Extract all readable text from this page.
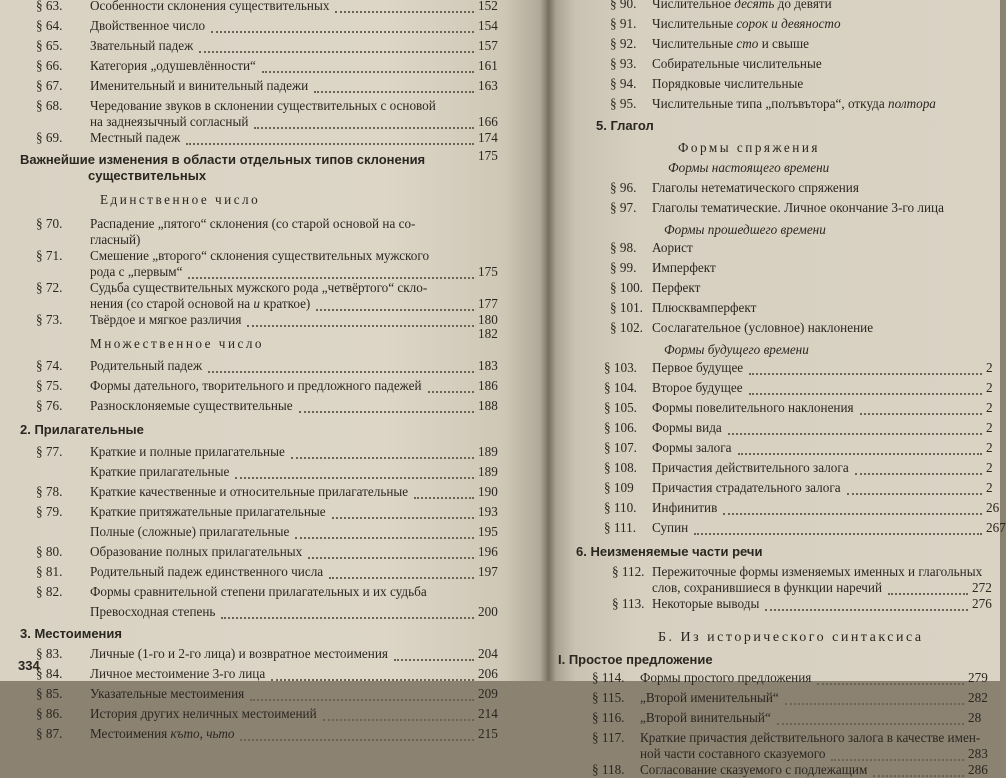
§ 63. Особенности склонения существительных	152
§ 64. Двойственное число	154
§ 65. Звательный падеж	157
§ 66. Категория „одушевлённости“	161
§ 67. Именительный и винительный падежи	163
§ 68. Чередование звуков в склонении существительных с основой
на заднеязычный согласный	166
§ 69. Местный падеж	174
Важнейшие изменения в области отдельных типов склонения	175
существительных
Единственное число
§ 70. Распадение „пятого“ склонения (со старой основой на со-
гласный)
§ 71. Смешение „второго“ склонения существительных мужского
рода с „первым“	175
§ 72. Судьба существительных мужского рода „четвёртого“ скло-
нения (со старой основой на u краткое)	177
§ 73. Твёрдое и мягкое различия	180
182
Множественное число
§ 74. Родительный падеж	183
§ 75. Формы дательного, творительного и предложного падежей	186
§ 76. Разносклоняемые существительные	188
2. Прилагательные
§ 77. Краткие и полные прилагательные	189
Краткие прилагательные	189
§ 78. Краткие качественные и относительные прилагательные	190
§ 79. Краткие притяжательные прилагательные	193
Полные (сложные) прилагательные	195
§ 80. Образование полных прилагательных	196
§ 81. Родительный падеж единственного числа	197
§ 82. Формы сравнительной степени прилагательных и их судьба
Превосходная степень	200
3. Местоимения
§ 83. Личные (1-го и 2-го лица) и возвратное местоимения	204
§ 84. Личное местоимение 3-го лица	206
§ 85. Указательные местоимения	209
§ 86. История других неличных местоимений	214
§ 87. Местоимения къто, чьто	215
334
§ 90. Числительное десять до девяти
§ 91. Числительные сорок и девяносто
§ 92. Числительные сто и свыше
§ 93. Собирательные числительные
§ 94. Порядковые числительные
§ 95. Числительные типа „полъвътора“, откуда полтора
5. Глагол
Формы спряжения
Формы настоящего времени
§ 96. Глаголы нетематического спряжения
§ 97. Глаголы тематические. Личное окончание 3-го лица
Формы прошедшего времени
§ 98. Аорист
§ 99. Имперфект
§ 100. Перфект
§ 101. Плюсквамперфект
§ 102. Сослагательное (условное) наклонение
Формы будущего времени
§ 103. Первое будущее	2
§ 104. Второе будущее	2
§ 105. Формы повелительного наклонения	2
§ 106. Формы вида	2
§ 107. Формы залога	2
§ 108. Причастия действительного залога	2
§ 109 Причастия страдательного залога	2
§ 110. Инфинитив	26
§ 111. Супин	267
6. Неизменяемые части речи
§ 112. Пережиточные формы изменяемых именных и глагольных
слов, сохранившиеся в функции наречий	272
§ 113. Некоторые выводы	276
Б. Из исторического синтаксиса
I. Простое предложение
§ 114. Формы простого предложения	279
§ 115. „Второй именительный“	282
§ 116. „Второй винительный“	28
§ 117. Краткие причастия действительного залога в качестве имен-
ной части составного сказуемого	283
§ 118. Согласование сказуемого с подлежащим	286
